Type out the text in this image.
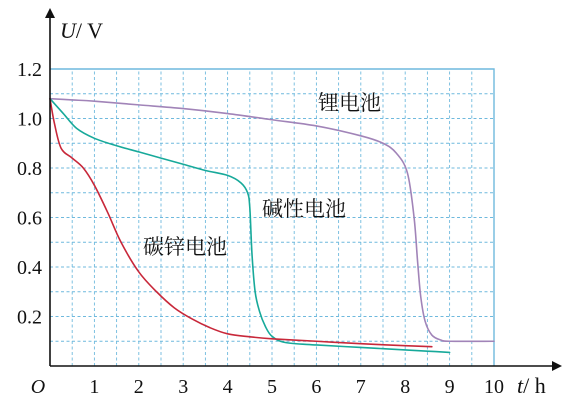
1 2 3 4 5 6 7 8 9 10
0.2
0.4
0.6
0.8
1.0
1.2
O
U/ V
t/ h
锂电池
碱性电池
碳锌电池
